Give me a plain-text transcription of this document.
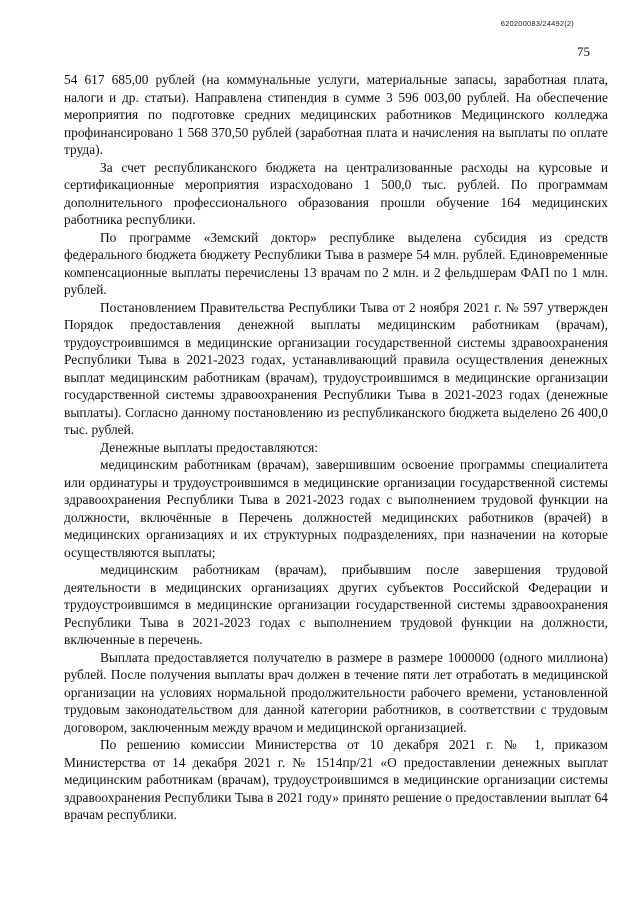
620200083/24492(2)
75

54 617 685,00 рублей (на коммунальные услуги, материальные запасы, заработная плата, налоги и др. статьи). Направлена стипендия в сумме 3 596 003,00 рублей. На обеспечение мероприятия по подготовке средних медицинских работников Медицинского колледжа профинансировано 1 568 370,50 рублей (заработная плата и начисления на выплаты по оплате труда).

За счет республиканского бюджета на централизованные расходы на курсовые и сертификационные мероприятия израсходовано 1 500,0 тыс. рублей. По программам дополнительного профессионального образования прошли обучение 164 медицинских работника республики.

По программе «Земский доктор» республике выделена субсидия из средств федерального бюджета бюджету Республики Тыва в размере 54 млн. рублей. Единовременные компенсационные выплаты перечислены 13 врачам по 2 млн. и 2 фельдшерам ФАП по 1 млн. рублей.

Постановлением Правительства Республики Тыва от 2 ноября 2021 г. № 597 утвержден Порядок предоставления денежной выплаты медицинским работникам (врачам), трудоустроившимся в медицинские организации государственной системы здравоохранения Республики Тыва в 2021-2023 годах, устанавливающий правила осуществления денежных выплат медицинским работникам (врачам), трудоустроившимся в медицинские организации государственной системы здравоохранения Республики Тыва в 2021-2023 годах (денежные выплаты). Согласно данному постановлению из республиканского бюджета выделено 26 400,0 тыс. рублей.

Денежные выплаты предоставляются:

медицинским работникам (врачам), завершившим освоение программы специалитета или ординатуры и трудоустроившимся в медицинские организации государственной системы здравоохранения Республики Тыва в 2021-2023 годах с выполнением трудовой функции на должности, включённые в Перечень должностей медицинских работников (врачей) в медицинских организациях и их структурных подразделениях, при назначении на которые осуществляются выплаты;

медицинским работникам (врачам), прибывшим после завершения трудовой деятельности в медицинских организациях других субъектов Российской Федерации и трудоустроившимся в медицинские организации государственной системы здравоохранения Республики Тыва в 2021-2023 годах с выполнением трудовой функции на должности, включенные в перечень.

Выплата предоставляется получателю в размере в размере 1000000 (одного миллиона) рублей. После получения выплаты врач должен в течение пяти лет отработать в медицинской организации на условиях нормальной продолжительности рабочего времени, установленной трудовым законодательством для данной категории работников, в соответствии с трудовым договором, заключенным между врачом и медицинской организацией.

По решению комиссии Министерства от 10 декабря 2021 г. № 1, приказом Министерства от 14 декабря 2021 г. № 1514пр/21 «О предоставлении денежных выплат медицинским работникам (врачам), трудоустроившимся в медицинские организации системы здравоохранения Республики Тыва в 2021 году» принято решение о предоставлении выплат 64 врачам республики.
